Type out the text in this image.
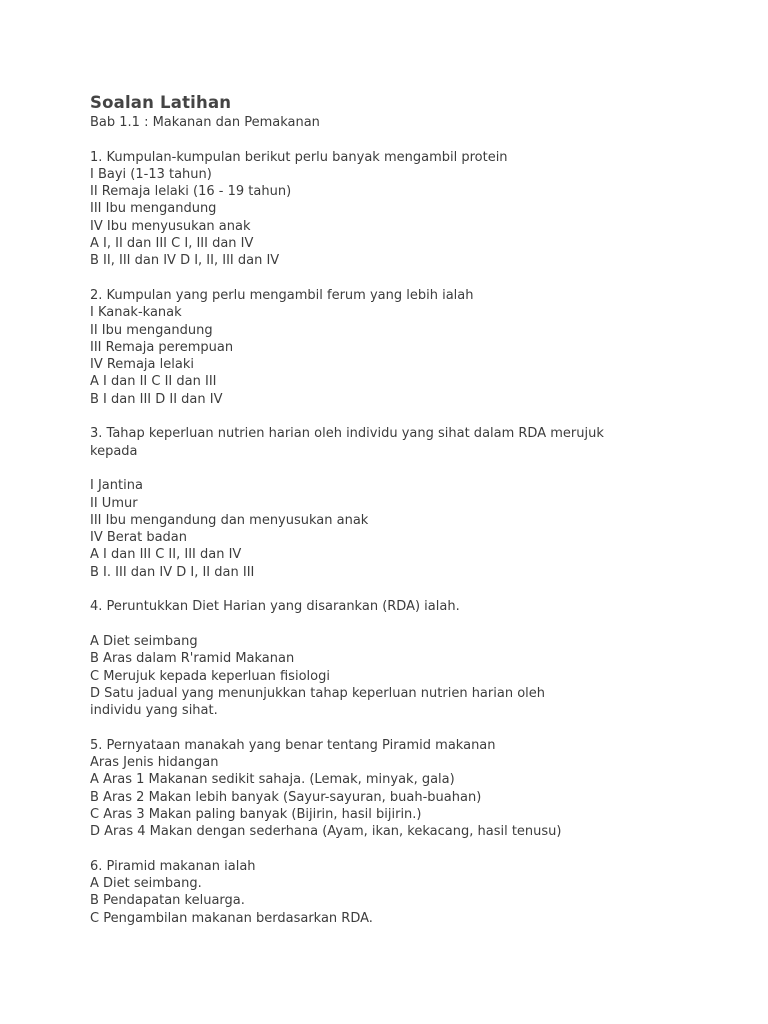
Soalan Latihan

Bab 1.1 : Makanan dan Pemakanan

1. Kumpulan-kumpulan berikut perlu banyak mengambil protein

I Bayi (1-13 tahun)

II Remaja lelaki (16 - 19 tahun)

III Ibu mengandung

IV Ibu menyusukan anak

A I, II dan III C I, III dan IV

B II, III dan IV D I, II, III dan IV

2. Kumpulan yang perlu mengambil ferum yang lebih ialah

I Kanak-kanak

II Ibu mengandung

III Remaja perempuan

IV Remaja lelaki

A I dan II C II dan III

B I dan III D II dan IV

3. Tahap keperluan nutrien harian oleh individu yang sihat dalam RDA merujuk

kepada

I Jantina

II Umur

III Ibu mengandung dan menyusukan anak

IV Berat badan

A I dan III C II, III dan IV

B I. III dan IV D I, II dan III

4. Peruntukkan Diet Harian yang disarankan (RDA) ialah.

A Diet seimbang

B Aras dalam R'ramid Makanan

C Merujuk kepada keperluan fisiologi

D Satu jadual yang menunjukkan tahap keperluan nutrien harian oleh

individu yang sihat.

5. Pernyataan manakah yang benar tentang Piramid makanan

Aras Jenis hidangan

A Aras 1 Makanan sedikit sahaja. (Lemak, minyak, gala)

B Aras 2 Makan lebih banyak (Sayur-sayuran, buah-buahan)

C Aras 3 Makan paling banyak (Bijirin, hasil bijirin.)

D Aras 4 Makan dengan sederhana (Ayam, ikan, kekacang, hasil tenusu)

6. Piramid makanan ialah

A Diet seimbang.

B Pendapatan keluarga.

C Pengambilan makanan berdasarkan RDA.
